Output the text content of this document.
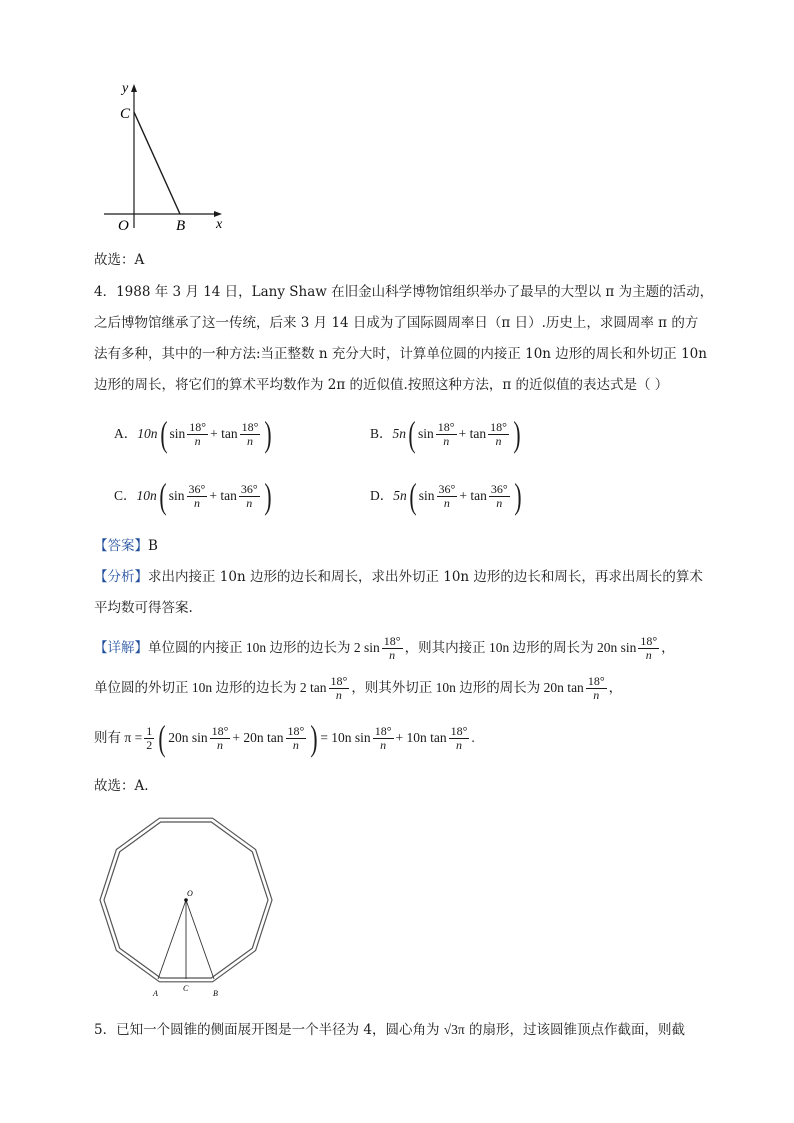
y
C
O	B x
故选：A
4．1988 年 3 月 14 日，Lany Shaw 在旧金山科学博物馆组织举办了最早的大型以 π 为主题的活动，
之后博物馆继承了这一传统，后来 3 月 14 日成为了国际圆周率日（π 日）.历史上，求圆周率 π 的方
法有多种，其中的一种方法:当正整数 n 充分大时，计算单位圆的内接正 10n 边形的周长和外切正 10n
边形的周长，将它们的算术平均数作为 2π 的近似值.按照这种方法，π 的近似值的表达式是（ ）
A． 10n ( $\sin \frac{18^\circ}{n}$ +
$\tan \frac{18^\circ}{n}$ )	B． 5n ( $\sin \frac{18^\circ}{n}$ +
$\tan \frac{18^\circ}{n}$ )
C． 10n ( $\sin \frac{36^\circ}{n}$ +
$\tan \frac{36^\circ}{n}$ )	D． 5n ( $\sin \frac{36^\circ}{n}$ +
$\tan \frac{36^\circ}{n}$ )
【答案】B
【分析】求出内接正 10n 边形的边长和周长，求出外切正 10n 边形的边长和周长，再求出周长的算术
平均数可得答案.
【详解】 单位圆的内接正 10n 边形的边长为 2 $\sin \frac{18^\circ}{n}$ ，则其内接正 10n 边形的周长为 20n $\sin \frac{18^\circ}{n}$ ，
单位圆的外切正 10n 边形的边长为 2 $\tan \frac{18^\circ}{n}$ ，则其外切正 10n 边形的周长为 20n $\tan \frac{18^\circ}{n}$ ，
则有 $\pi = \frac{1}{2}$ ( 20n $\sin \frac{18^\circ}{n} + 20n$ $\tan \frac{18^\circ}{n}$ ) = 10n $\sin \frac{18^\circ}{n} + 10n$ $\tan \frac{18^\circ}{n}$ .
故选：A.
O
A
C
B
5．已知一个圆锥的侧面展开图是一个半径为 4，圆心角为 √3π 的扇形，过该圆锥顶点作截面，则截
